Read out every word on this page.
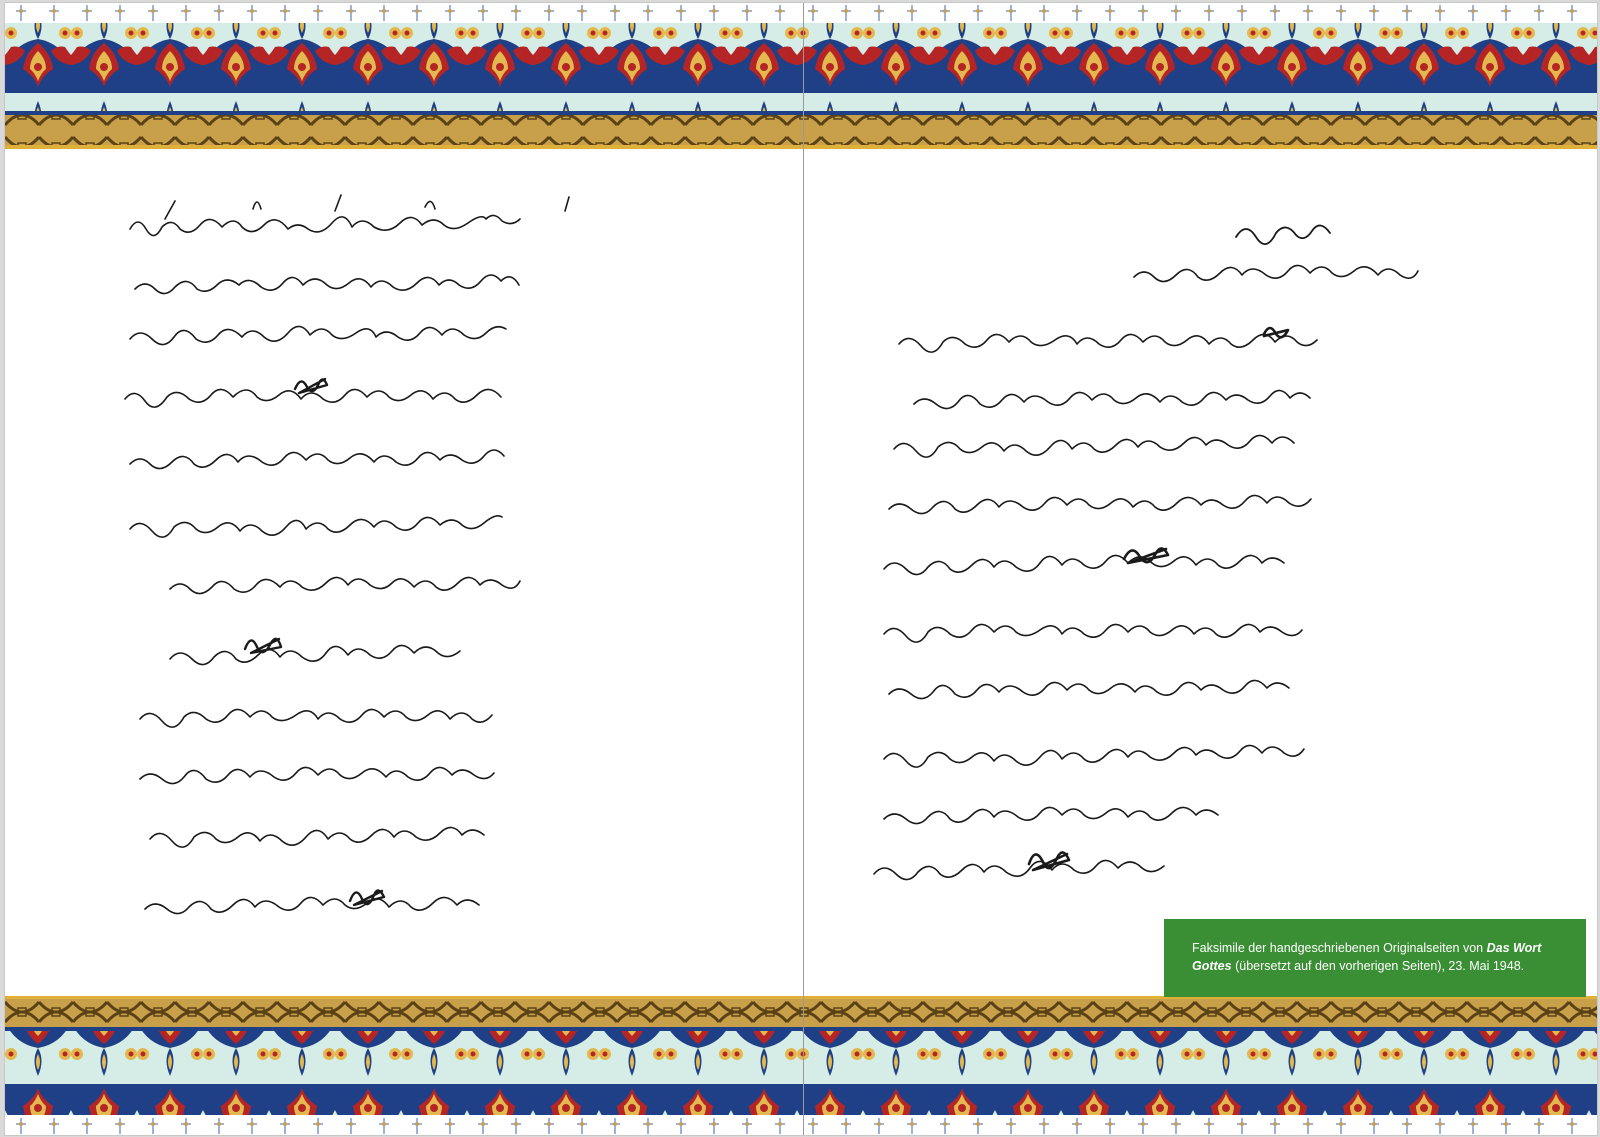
Faksimile der handgeschriebenen Originalseiten von Das Wort Gottes (übersetzt auf den vorherigen Seiten), 23. Mai 1948.
